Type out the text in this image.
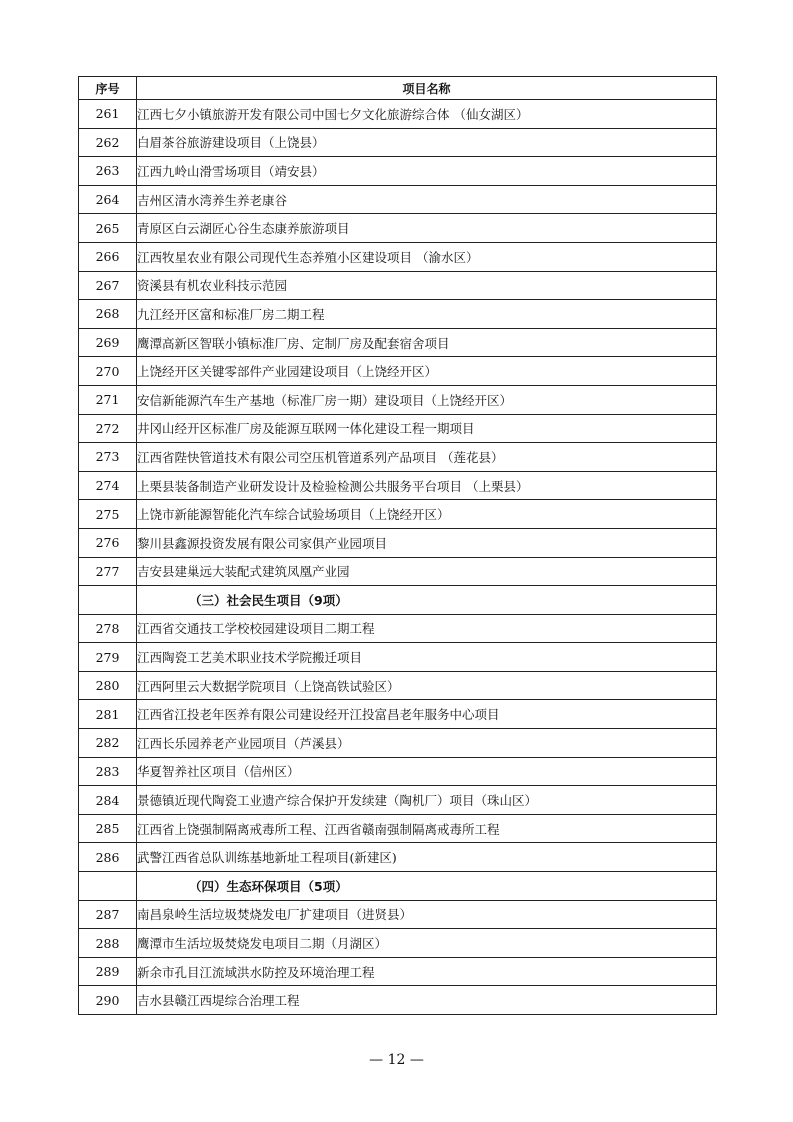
序号	项目名称
261	江西七夕小镇旅游开发有限公司中国七夕文化旅游综合体 （仙女湖区）
262	白眉茶谷旅游建设项目（上饶县）
263	江西九岭山滑雪场项目（靖安县）
264	吉州区清水湾养生养老康谷
265	青原区白云湖匠心谷生态康养旅游项目
266	江西牧星农业有限公司现代生态养殖小区建设项目 （渝水区）
267	资溪县有机农业科技示范园
268	九江经开区富和标准厂房二期工程
269	鹰潭高新区智联小镇标准厂房、定制厂房及配套宿舍项目
270	上饶经开区关键零部件产业园建设项目（上饶经开区）
271	安信新能源汽车生产基地（标准厂房一期）建设项目（上饶经开区）
272	井冈山经开区标准厂房及能源互联网一体化建设工程一期项目
273	江西省陛快管道技术有限公司空压机管道系列产品项目 （莲花县）
274	上栗县装备制造产业研发设计及检验检测公共服务平台项目 （上栗县）
275	上饶市新能源智能化汽车综合试验场项目（上饶经开区）
276	黎川县鑫源投资发展有限公司家俱产业园项目
277	吉安县建巢远大装配式建筑凤凰产业园
	（三）社会民生项目（9项）
278	江西省交通技工学校校园建设项目二期工程
279	江西陶瓷工艺美术职业技术学院搬迁项目
280	江西阿里云大数据学院项目（上饶高铁试验区）
281	江西省江投老年医养有限公司建设经开江投富昌老年服务中心项目
282	江西长乐园养老产业园项目（芦溪县）
283	华夏智养社区项目（信州区）
284	景德镇近现代陶瓷工业遗产综合保护开发续建（陶机厂）项目（珠山区）
285	江西省上饶强制隔离戒毒所工程、江西省赣南强制隔离戒毒所工程
286	武警江西省总队训练基地新址工程项目(新建区)
	（四）生态环保项目（5项）
287	南昌泉岭生活垃圾焚烧发电厂扩建项目（进贤县）
288	鹰潭市生活垃圾焚烧发电项目二期（月湖区）
289	新余市孔目江流域洪水防控及环境治理工程
290	吉水县赣江西堤综合治理工程
— 12 —
